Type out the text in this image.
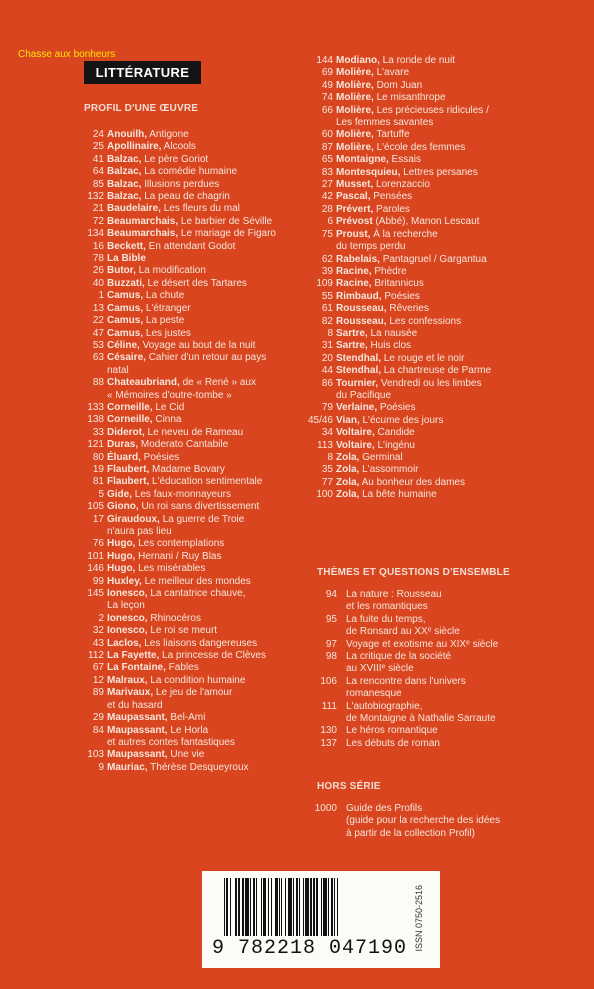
Chasse aux bonheurs
LITTÉRATURE
PROFIL D'UNE ŒUVRE
24 Anouilh, Antigone
25 Apollinaire, Alcools
41 Balzac, Le père Goriot
64 Balzac, La comédie humaine
85 Balzac, Illusions perdues
132 Balzac, La peau de chagrin
21 Baudelaire, Les fleurs du mal
72 Beaumarchais, Le barbier de Séville
134 Beaumarchais, Le mariage de Figaro
16 Beckett, En attendant Godot
78 La Bible
26 Butor, La modification
40 Buzzati, Le désert des Tartares
1 Camus, La chute
13 Camus, L'étranger
22 Camus, La peste
47 Camus, Les justes
53 Céline, Voyage au bout de la nuit
63 Césaire, Cahier d'un retour au pays
natal
88 Chateaubriand, de « René » aux
« Mémoires d'outre-tombe »
133 Corneille, Le Cid
138 Corneille, Cinna
33 Diderot, Le neveu de Rameau
121 Duras, Moderato Cantabile
80 Éluard, Poésies
19 Flaubert, Madame Bovary
81 Flaubert, L'éducation sentimentale
5 Gide, Les faux-monnayeurs
105 Giono, Un roi sans divertissement
17 Giraudoux, La guerre de Troie
n'aura pas lieu
76 Hugo, Les contemplations
101 Hugo, Hernani / Ruy Blas
146 Hugo, Les misérables
99 Huxley, Le meilleur des mondes
145 Ionesco, La cantatrice chauve,
La leçon
2 Ionesco, Rhinocéros
32 Ionesco, Le roi se meurt
43 Laclos, Les liaisons dangereuses
112 La Fayette, La princesse de Clèves
67 La Fontaine, Fables
12 Malraux, La condition humaine
89 Marivaux, Le jeu de l'amour
et du hasard
29 Maupassant, Bel-Ami
84 Maupassant, Le Horla
et autres contes fantastiques
103 Maupassant, Une vie
9 Mauriac, Thérèse Desqueyroux
144 Modiano, La ronde de nuit
69 Molière, L'avare
49 Molière, Dom Juan
74 Molière, Le misanthrope
66 Molière, Les précieuses ridicules /
Les femmes savantes
60 Molière, Tartuffe
87 Molière, L'école des femmes
65 Montaigne, Essais
83 Montesquieu, Lettres persanes
27 Musset, Lorenzaccio
42 Pascal, Pensées
28 Prévert, Paroles
6 Prévost (Abbé), Manon Lescaut
75 Proust, À la recherche
du temps perdu
62 Rabelais, Pantagruel / Gargantua
39 Racine, Phèdre
109 Racine, Britannicus
55 Rimbaud, Poésies
61 Rousseau, Rêveries
82 Rousseau, Les confessions
8 Sartre, La nausée
31 Sartre, Huis clos
20 Stendhal, Le rouge et le noir
44 Stendhal, La chartreuse de Parme
86 Tournier, Vendredi ou les limbes
du Pacifique
79 Verlaine, Poésies
45/46 Vian, L'écume des jours
34 Voltaire, Candide
113 Voltaire, L'ingénu
8 Zola, Germinal
35 Zola, L'assommoir
77 Zola, Au bonheur des dames
100 Zola, La bête humaine
THÈMES ET QUESTIONS D'ENSEMBLE
94 La nature : Rousseau
et les romantiques
95 La fuite du temps,
de Ronsard au XXᵉ siècle
97 Voyage et exotisme au XIXᵉ siècle
98 La critique de la société
au XVIIIᵉ siècle
106 La rencontre dans l'univers
romanesque
111 L'autobiographie,
de Montaigne à Nathalie Sarraute
130 Le héros romantique
137 Les débuts de roman
HORS SÉRIE
1000 Guide des Profils
(guide pour la recherche des idées
à partir de la collection Profil)
9 782218 047190 ISSN 0750-2516
